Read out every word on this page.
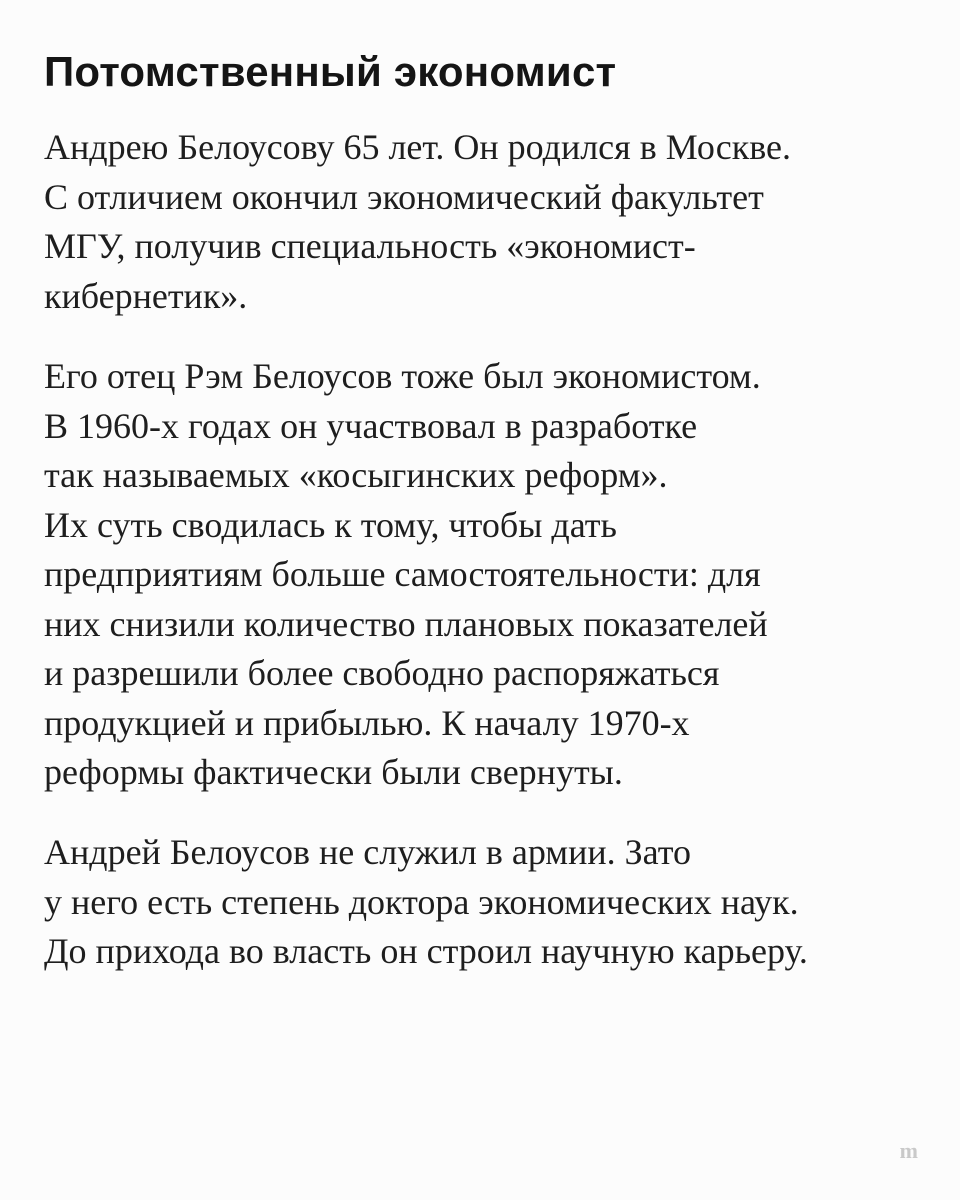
Потомственный экономист

Андрею Белоусову 65 лет. Он родился в Москве.
С отличием окончил экономический факультет
МГУ, получив специальность «экономист-
кибернетик».

Его отец Рэм Белоусов тоже был экономистом.
В 1960-х годах он участвовал в разработке
так называемых «косыгинских реформ».
Их суть сводилась к тому, чтобы дать
предприятиям больше самостоятельности: для
них снизили количество плановых показателей
и разрешили более свободно распоряжаться
продукцией и прибылью. К началу 1970-х
реформы фактически были свернуты.

Андрей Белоусов не служил в армии. Зато
у него есть степень доктора экономических наук.
До прихода во власть он строил научную карьеру.

m
